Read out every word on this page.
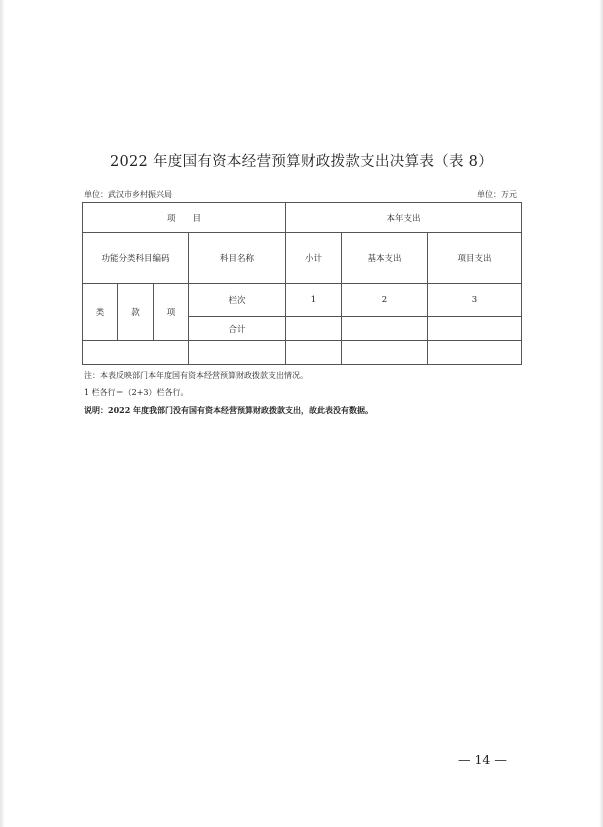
2022 年度国有资本经营预算财政拨款支出决算表（表 8）
单位：武汉市乡村振兴局	单位：万元
项　　目				本年支出		
功能分类科目编码			科目名称	小计	基本支出	项目支出
类	款	项	栏次	1	2	3
			合计			

注：本表反映部门本年度国有资本经营预算财政拨款支出情况。
1 栏各行＝（2+3）栏各行。
说明：2022 年度我部门没有国有资本经营预算财政拨款支出，故此表没有数据。
— 14 —
